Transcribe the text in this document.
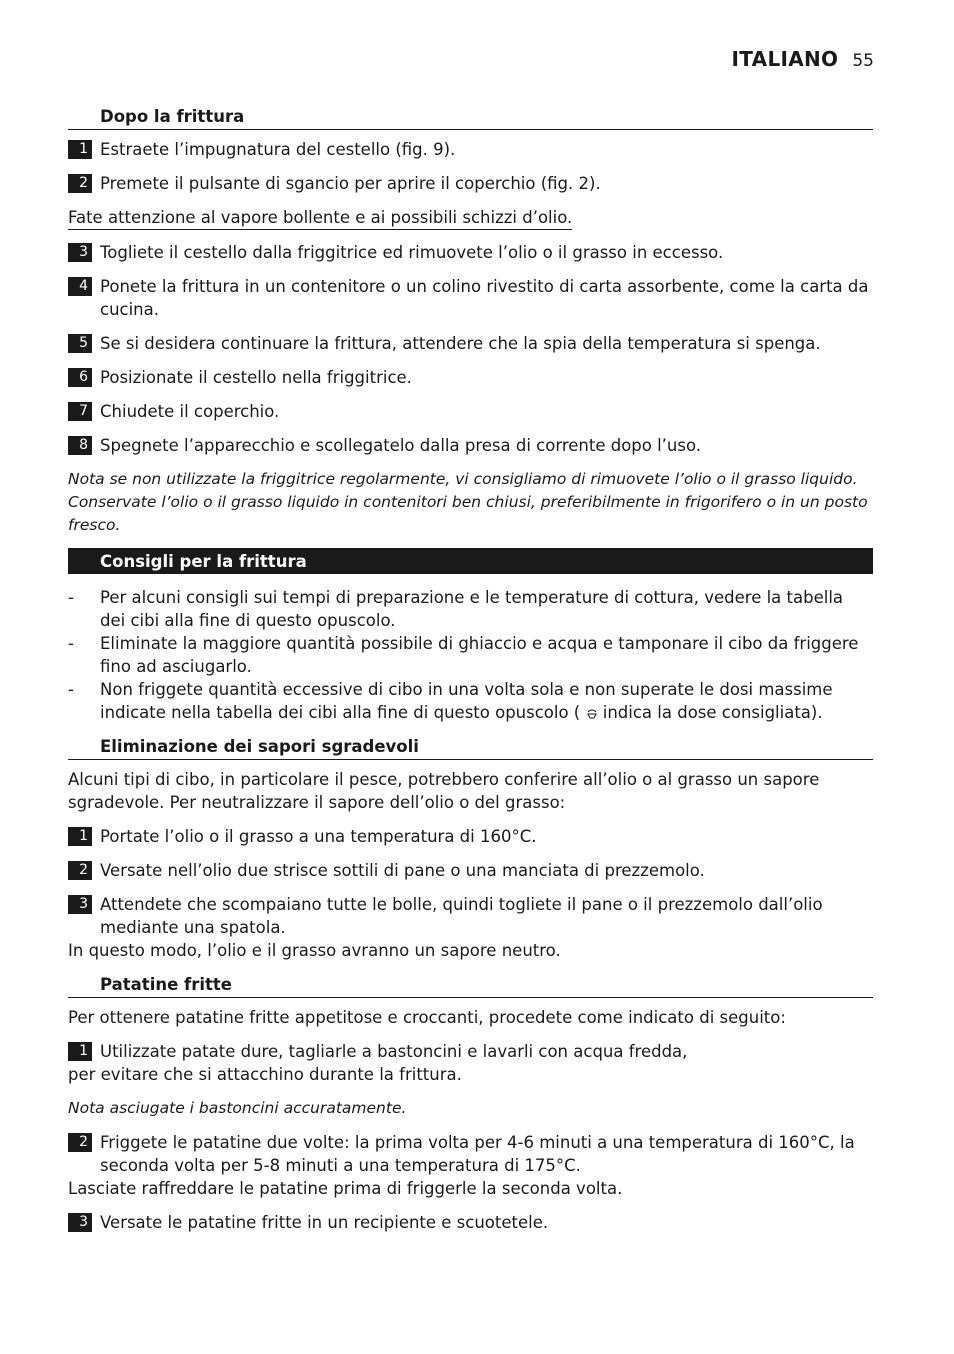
ITALIANO 55
Dopo la frittura
1 Estraete l’impugnatura del cestello (fig. 9).
2 Premete il pulsante di sgancio per aprire il coperchio (fig. 2).
Fate attenzione al vapore bollente e ai possibili schizzi d’olio.
3 Togliete il cestello dalla friggitrice ed rimuovete l’olio o il grasso in eccesso.
4 Ponete la frittura in un contenitore o un colino rivestito di carta assorbente, come la carta da cucina.
5 Se si desidera continuare la frittura, attendere che la spia della temperatura si spenga.
6 Posizionate il cestello nella friggitrice.
7 Chiudete il coperchio.
8 Spegnete l’apparecchio e scollegatelo dalla presa di corrente dopo l’uso.
Nota se non utilizzate la friggitrice regolarmente, vi consigliamo di rimuovete l’olio o il grasso liquido. Conservate l’olio o il grasso liquido in contenitori ben chiusi, preferibilmente in frigorifero o in un posto fresco.
Consigli per la frittura
- Per alcuni consigli sui tempi di preparazione e le temperature di cottura, vedere la tabella dei cibi alla fine di questo opuscolo.
- Eliminate la maggiore quantità possibile di ghiaccio e acqua e tamponare il cibo da friggere fino ad asciugarlo.
- Non friggete quantità eccessive di cibo in una volta sola e non superate le dosi massime indicate nella tabella dei cibi alla fine di questo opuscolo ( indica la dose consigliata).
Eliminazione dei sapori sgradevoli
Alcuni tipi di cibo, in particolare il pesce, potrebbero conferire all’olio o al grasso un sapore sgradevole. Per neutralizzare il sapore dell’olio o del grasso:
1 Portate l’olio o il grasso a una temperatura di 160°C.
2 Versate nell’olio due strisce sottili di pane o una manciata di prezzemolo.
3 Attendete che scompaiano tutte le bolle, quindi togliete il pane o il prezzemolo dall’olio mediante una spatola.
In questo modo, l’olio e il grasso avranno un sapore neutro.
Patatine fritte
Per ottenere patatine fritte appetitose e croccanti, procedete come indicato di seguito:
1 Utilizzate patate dure, tagliarle a bastoncini e lavarli con acqua fredda,
per evitare che si attacchino durante la frittura.
Nota asciugate i bastoncini accuratamente.
2 Friggete le patatine due volte: la prima volta per 4-6 minuti a una temperatura di 160°C, la seconda volta per 5-8 minuti a una temperatura di 175°C.
Lasciate raffreddare le patatine prima di friggerle la seconda volta.
3 Versate le patatine fritte in un recipiente e scuotetele.
